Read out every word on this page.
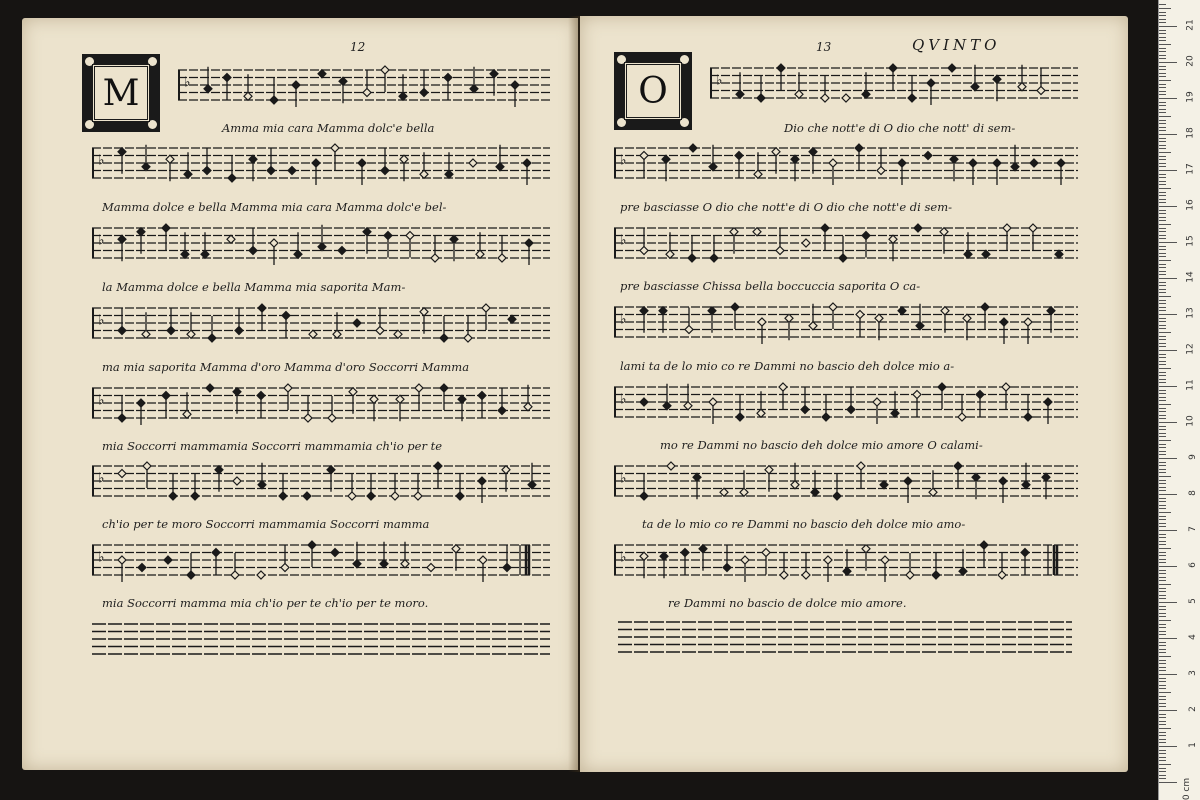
12
M	♭
♭
♭
♭
♭
♭
♭
Amma mia cara Mamma dolc'e bella
Mamma dolce e bella Mamma mia cara Mamma dolc'e bel-
la Mamma dolce e bella Mamma mia saporita Mam-
ma mia saporita Mamma d'oro Mamma d'oro Soccorri Mamma
mia Soccorri mammamia Soccorri mammamia ch'io per te
ch'io per te moro Soccorri mammamia Soccorri mamma
mia Soccorri mamma mia ch'io per te ch'io per te moro.
13	QVINTO
O	♭
♭
♭
♭
♭
♭
♭
Dio che nott'e di O dio che nott' di sem-
pre basciasse O dio che nott'e di O dio che nott'e di sem-
pre basciasse Chissa bella boccuccia saporita O ca-
lami ta de lo mio co re Dammi no bascio deh dolce mio a-
mo re Dammi no bascio deh dolce mio amore O calami-
ta de lo mio co re Dammi no bascio deh dolce mio amo-
re Dammi no bascio de dolce mio amore.
1
2
3
4
5
6
7
8
9
10
11
12
13
14
15
16
17
18
19
20
21
0 cm
